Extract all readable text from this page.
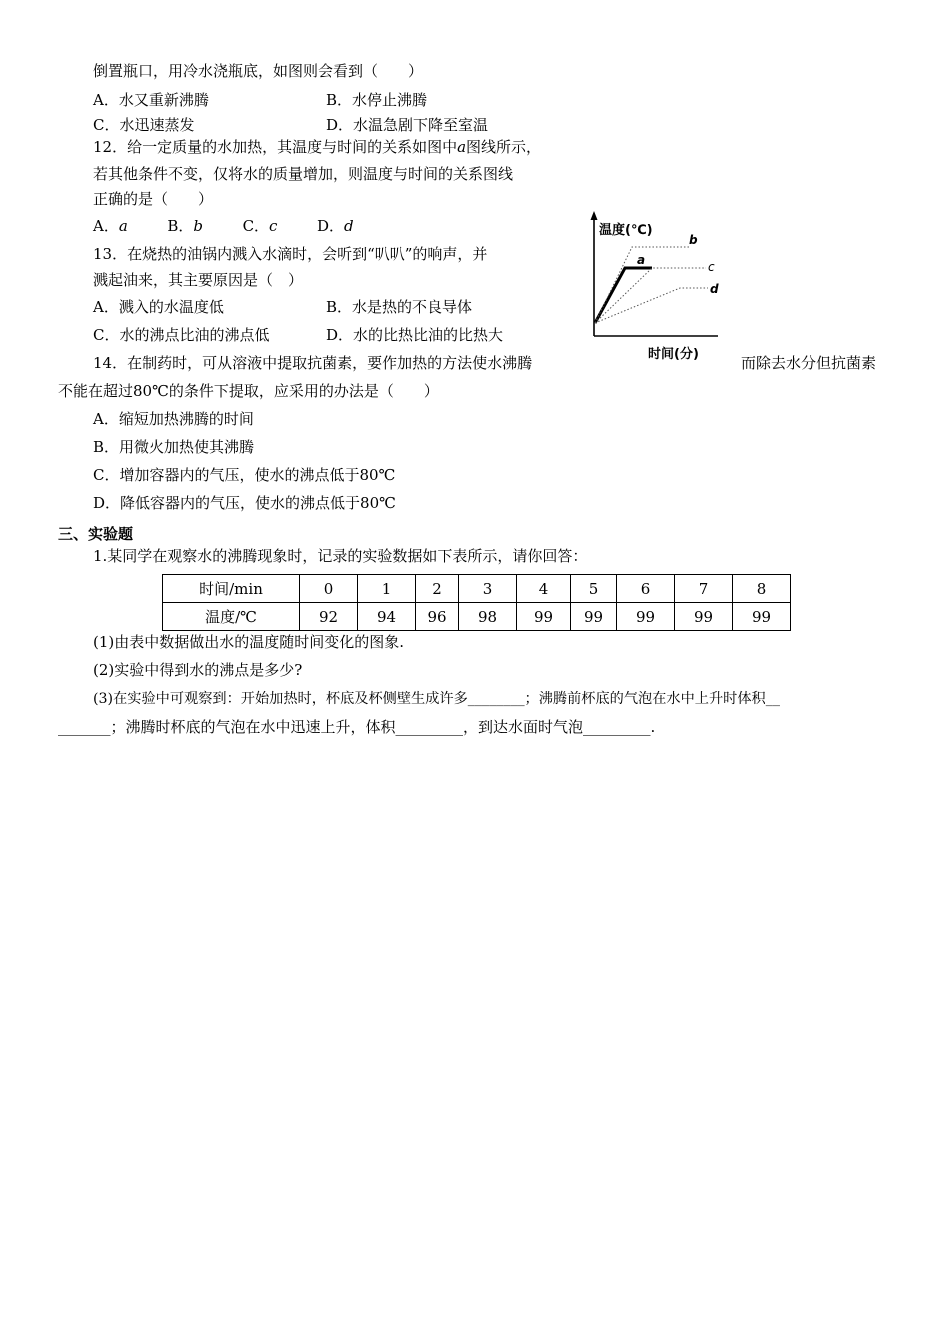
倒置瓶口，用冷水浇瓶底，如图则会看到（　　）
A．水又重新沸腾	B．水停止沸腾
C．水迅速蒸发	D．水温急剧下降至室温
12．给一定质量的水加热，其温度与时间的关系如图中a图线所示，
若其他条件不变，仅将水的质量增加，则温度与时间的关系图线
正确的是（　　）
A．a	B．b	C．c	D．d	温度(℃)
时间(分)
b
a	c
d
13．在烧热的油锅内溅入水滴时，会听到“叭叭”的响声，并
溅起油来，其主要原因是（　）
A．溅入的水温度低	B．水是热的不良导体
C．水的沸点比油的沸点低	D．水的比热比油的比热大
14．在制药时，可从溶液中提取抗菌素，要作加热的方法使水沸腾	而除去水分但抗菌素
不能在超过80℃的条件下提取，应采用的办法是（　　）
A．缩短加热沸腾的时间
B．用微火加热使其沸腾
C．增加容器内的气压，使水的沸点低于80℃
D．降低容器内的气压，使水的沸点低于80℃
三、实验题
1.某同学在观察水的沸腾现象时，记录的实验数据如下表所示，请你回答：
时间/min	0	1	2	3	4	5	6	7	8
温度/℃	92	94	96	98	99	99	99	99	99
(1)由表中数据做出水的温度随时间变化的图象.
(2)实验中得到水的沸点是多少?
(3)在实验中可观察到：开始加热时，杯底及杯侧壁生成许多________；沸腾前杯底的气泡在水中上升时体积__
_______；沸腾时杯底的气泡在水中迅速上升，体积_________，到达水面时气泡_________.
